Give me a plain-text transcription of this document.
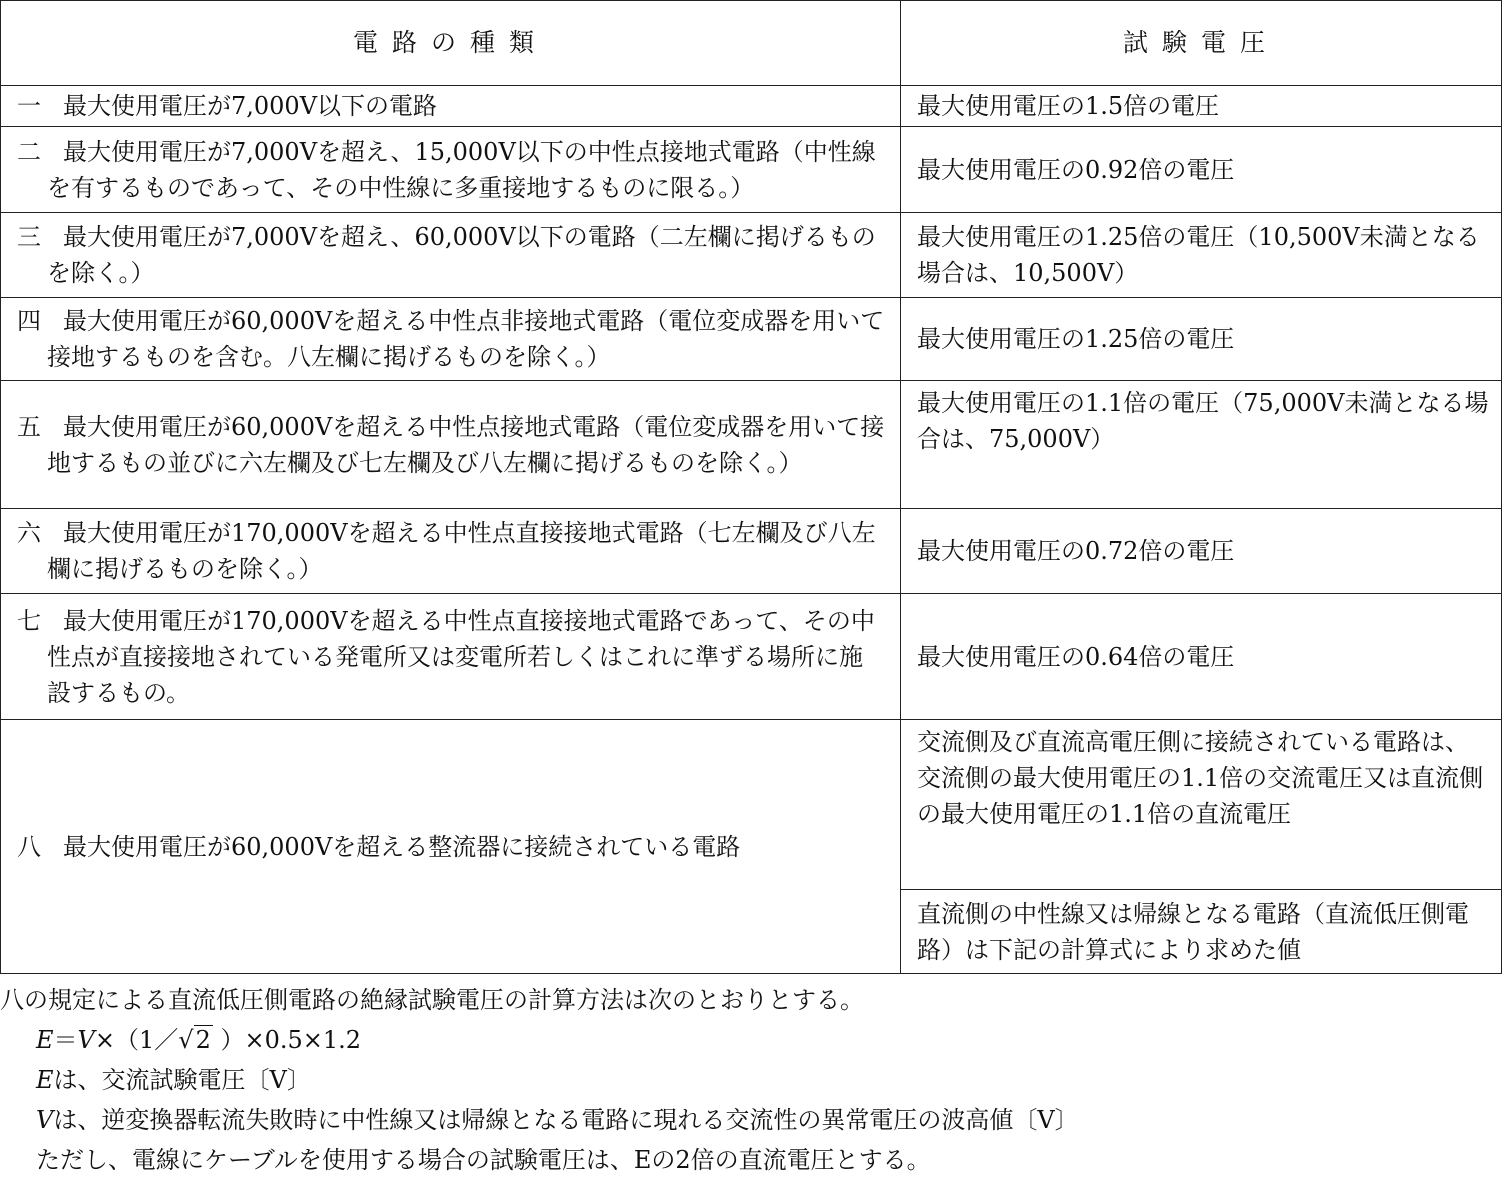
電路の種類	試験電圧

一 最大使用電圧が7,000V以下の電路	最大使用電圧の1.5倍の電圧

二 最大使用電圧が7,000Vを超え、15,000V以下の中性点接地式電路（中性線を有するものであって、その中性線に多重接地するものに限る。）	最大使用電圧の0.92倍の電圧

三 最大使用電圧が7,000Vを超え、60,000V以下の電路（二左欄に掲げるものを除く。）	最大使用電圧の1.25倍の電圧（10,500V未満となる場合は、10,500V）

四 最大使用電圧が60,000Vを超える中性点非接地式電路（電位変成器を用いて接地するものを含む。八左欄に掲げるものを除く。）	最大使用電圧の1.25倍の電圧

五 最大使用電圧が60,000Vを超える中性点接地式電路（電位変成器を用いて接地するもの並びに六左欄及び七左欄及び八左欄に掲げるものを除く。）	最大使用電圧の1.1倍の電圧（75,000V未満となる場合は、75,000V）

六 最大使用電圧が170,000Vを超える中性点直接接地式電路（七左欄及び八左欄に掲げるものを除く。）	最大使用電圧の0.72倍の電圧

七 最大使用電圧が170,000Vを超える中性点直接接地式電路であって、その中性点が直接接地されている発電所又は変電所若しくはこれに準ずる場所に施設するもの。	最大使用電圧の0.64倍の電圧

八 最大使用電圧が60,000Vを超える整流器に接続されている電路	交流側及び直流高電圧側に接続されている電路は、交流側の最大使用電圧の1.1倍の交流電圧又は直流側の最大使用電圧の1.1倍の直流電圧
	直流側の中性線又は帰線となる電路（直流低圧側電路）は下記の計算式により求めた値
八の規定による直流低圧側電路の絶縁試験電圧の計算方法は次のとおりとする。
E＝V×（1／√2 ）×0.5×1.2
Eは、交流試験電圧〔V〕
Vは、逆変換器転流失敗時に中性線又は帰線となる電路に現れる交流性の異常電圧の波高値〔V〕
ただし、電線にケーブルを使用する場合の試験電圧は、Eの2倍の直流電圧とする。
